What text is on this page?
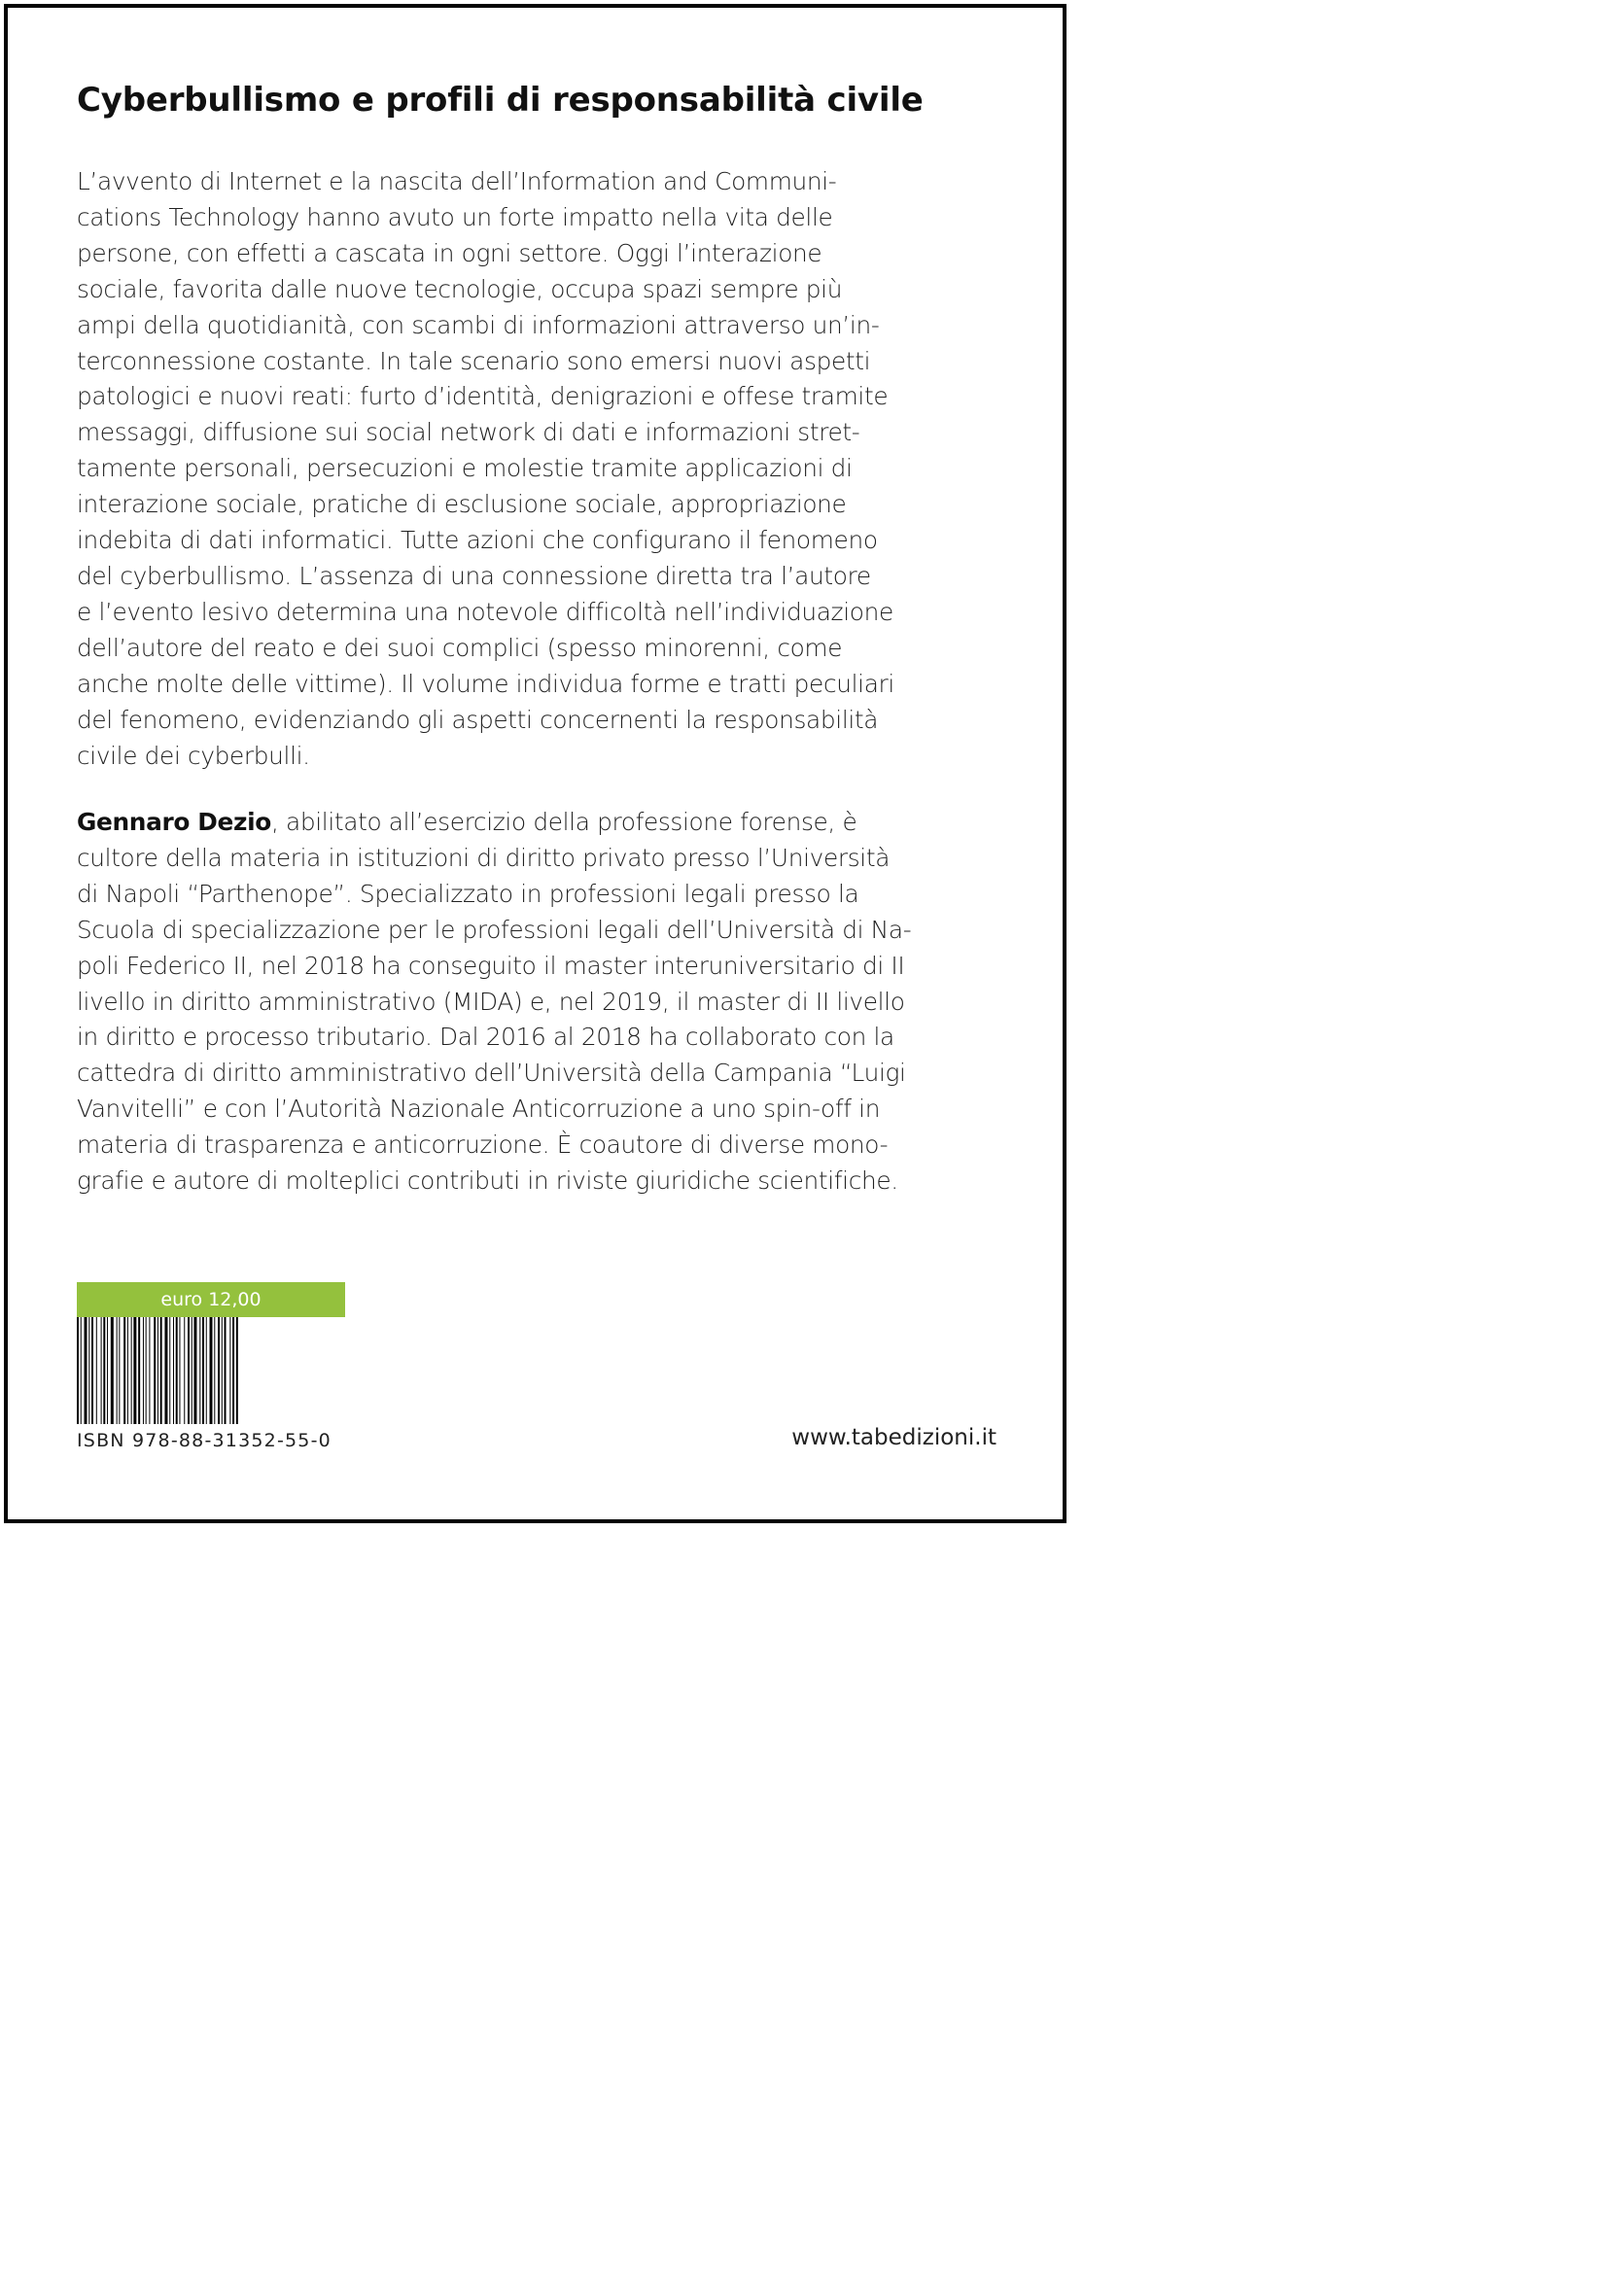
Cyberbullismo e profili di responsabilità civile
L’avvento di Internet e la nascita dell’Information and Communi-
cations Technology hanno avuto un forte impatto nella vita delle
persone, con effetti a cascata in ogni settore. Oggi l’interazione
sociale, favorita dalle nuove tecnologie, occupa spazi sempre più
ampi della quotidianità, con scambi di informazioni attraverso un’in-
terconnessione costante. In tale scenario sono emersi nuovi aspetti
patologici e nuovi reati: furto d’identità, denigrazioni e offese tramite
messaggi, diffusione sui social network di dati e informazioni stret-
tamente personali, persecuzioni e molestie tramite applicazioni di
interazione sociale, pratiche di esclusione sociale, appropriazione
indebita di dati informatici. Tutte azioni che configurano il fenomeno
del cyberbullismo. L’assenza di una connessione diretta tra l’autore
e l’evento lesivo determina una notevole difficoltà nell’individuazione
dell’autore del reato e dei suoi complici (spesso minorenni, come
anche molte delle vittime). Il volume individua forme e tratti peculiari
del fenomeno, evidenziando gli aspetti concernenti la responsabilità
civile dei cyberbulli.
Gennaro Dezio, abilitato all’esercizio della professione forense, è
cultore della materia in istituzioni di diritto privato presso l’Università
di Napoli “Parthenope”. Specializzato in professioni legali presso la
Scuola di specializzazione per le professioni legali dell’Università di Na-
poli Federico II, nel 2018 ha conseguito il master interuniversitario di II
livello in diritto amministrativo (MIDA) e, nel 2019, il master di II livello
in diritto e processo tributario. Dal 2016 al 2018 ha collaborato con la
cattedra di diritto amministrativo dell’Università della Campania “Luigi
Vanvitelli” e con l’Autorità Nazionale Anticorruzione a uno spin-off in
materia di trasparenza e anticorruzione. È coautore di diverse mono-
grafie e autore di molteplici contributi in riviste giuridiche scientifiche.
euro 12,00
ISBN 978-88-31352-55-0	www.tabedizioni.it
